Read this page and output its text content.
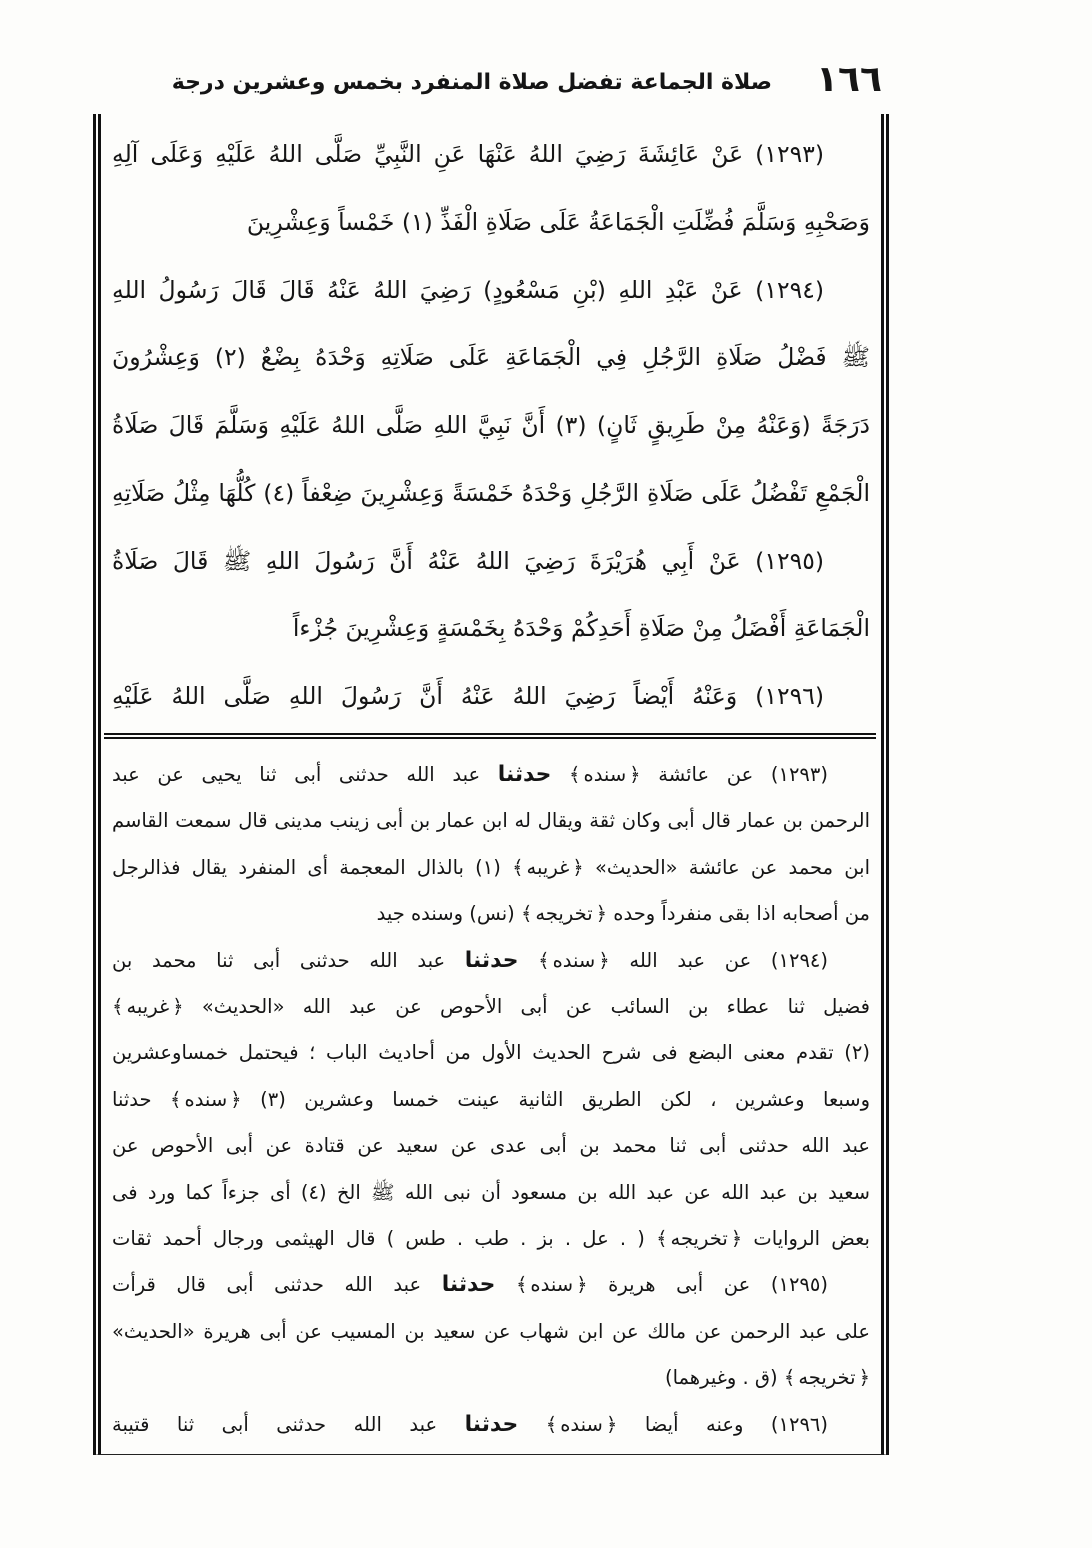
١٦٦
صلاة الجماعة تفضل صلاة المنفرد بخمس وعشرين درجة
(١٢٩٣) عَنْ عَائِشَةَ رَضِيَ اللهُ عَنْهَا عَنِ النَّبِيِّ صَلَّى اللهُ عَلَيْهِ وَعَلَى آلِهِ
وَصَحْبِهِ وَسَلَّمَ فُضِّلَتِ الْجَمَاعَةُ عَلَى صَلَاةِ الْفَذِّ (١) خَمْساً وَعِشْرِينَ
(١٢٩٤) عَنْ عَبْدِ اللهِ (بْنِ مَسْعُودٍ) رَضِيَ اللهُ عَنْهُ قَالَ قَالَ رَسُولُ اللهِ
ﷺ فَضْلُ صَلَاةِ الرَّجُلِ فِي الْجَمَاعَةِ عَلَى صَلَاتِهِ وَحْدَهُ بِضْعٌ (٢) وَعِشْرُونَ
دَرَجَةً (وَعَنْهُ مِنْ طَرِيقٍ ثَانٍ) (٣) أَنَّ نَبِيَّ اللهِ صَلَّى اللهُ عَلَيْهِ وَسَلَّمَ قَالَ صَلَاةُ
الْجَمْعِ تَفْضُلُ عَلَى صَلَاةِ الرَّجُلِ وَحْدَهُ خَمْسَةً وَعِشْرِينَ ضِعْفاً (٤) كُلُّهَا مِثْلُ صَلَاتِهِ
(١٢٩٥) عَنْ أَبِي هُرَيْرَةَ رَضِيَ اللهُ عَنْهُ أَنَّ رَسُولَ اللهِ ﷺ قَالَ صَلَاةُ
الْجَمَاعَةِ أَفْضَلُ مِنْ صَلَاةِ أَحَدِكُمْ وَحْدَهُ بِخَمْسَةٍ وَعِشْرِينَ جُزْءاً
(١٢٩٦) وَعَنْهُ أَيْضاً رَضِيَ اللهُ عَنْهُ أَنَّ رَسُولَ اللهِ صَلَّى اللهُ عَلَيْهِ
(١٢٩٣) عن عائشة ﴿ سنده ﴾ حدثنا عبد الله حدثنى أبى ثنا يحيى عن عبد
الرحمن بن عمار قال أبى وكان ثقة ويقال له ابن عمار بن أبى زينب مدينى قال سمعت القاسم
ابن محمد عن عائشة «الحديث» ﴿ غريبه ﴾ (١) بالذال المعجمة أى المنفرد يقال فذالرجل
من أصحابه اذا بقى منفرداً وحده ﴿ تخريجه ﴾ (نس) وسنده جيد
(١٢٩٤) عن عبد الله ﴿ سنده ﴾ حدثنا عبد الله حدثنى أبى ثنا محمد بن
فضيل ثنا عطاء بن السائب عن أبى الأحوص عن عبد الله «الحديث» ﴿ غريبه ﴾
(٢) تقدم معنى البضع فى شرح الحديث الأول من أحاديث الباب ؛ فيحتمل خمساوعشرين
وسبعا وعشرين ، لكن الطريق الثانية عينت خمسا وعشرين (٣) ﴿ سنده ﴾ حدثنا
عبد الله حدثنى أبى ثنا محمد بن أبى عدى عن سعيد عن قتادة عن أبى الأحوص عن
سعيد بن عبد الله عن عبد الله بن مسعود أن نبى الله ﷺ الخ (٤) أى جزءاً كما ورد فى
بعض الروايات ﴿ تخريجه ﴾ ( . عل . بز . طب . طس ) قال الهيثمى ورجال أحمد ثقات
(١٢٩٥) عن أبى هريرة ﴿ سنده ﴾ حدثنا عبد الله حدثنى أبى قال قرأت
على عبد الرحمن عن مالك عن ابن شهاب عن سعيد بن المسيب عن أبى هريرة «الحديث»
﴿ تخريجه ﴾ (ق . وغيرهما)
(١٢٩٦) وعنه أيضا ﴿ سنده ﴾ حدثنا عبد الله حدثنى أبى ثنا قتيبة
